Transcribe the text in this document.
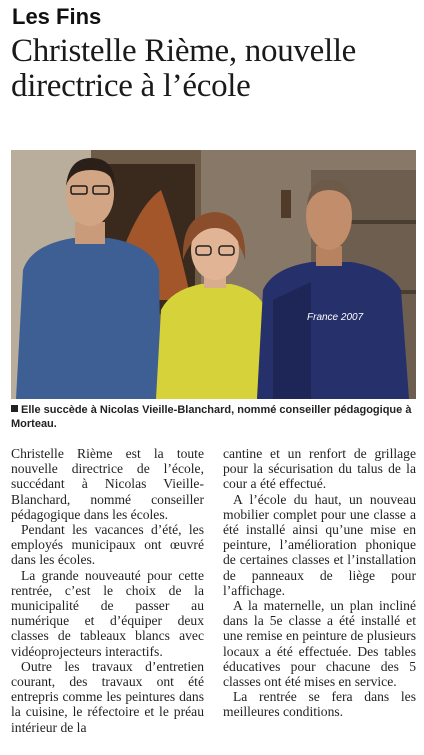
Les Fins
Christelle Rième, nouvelle directrice à l’école
France 2007
Elle succède à Nicolas Vieille-Blanchard, nommé conseiller pédagogique à Morteau.

Christelle Rième est la toute nouvelle directrice de l’école, succédant à Nicolas Vieille-Blanchard, nommé conseiller pédagogique dans les écoles.

Pendant les vacances d’été, les employés municipaux ont œuvré dans les écoles.

La grande nouveauté pour cette rentrée, c’est le choix de la municipalité de passer au numérique et d’équiper deux classes de tableaux blancs avec vidéoprojecteurs interactifs.

Outre les travaux d’entretien courant, des travaux ont été entrepris comme les peintures dans la cuisine, le réfectoire et le préau intérieur de la

cantine et un renfort de grillage pour la sécurisation du talus de la cour a été effectué.

A l’école du haut, un nouveau mobilier complet pour une classe a été installé ainsi qu’une mise en peinture, l’amélioration phonique de certaines classes et l’installation de panneaux de liège pour l’affichage.

A la maternelle, un plan incliné dans la 5e classe a été installé et une remise en peinture de plusieurs locaux a été effectuée. Des tables éducatives pour chacune des 5 classes ont été mises en service.

La rentrée se fera dans les meilleures conditions.
